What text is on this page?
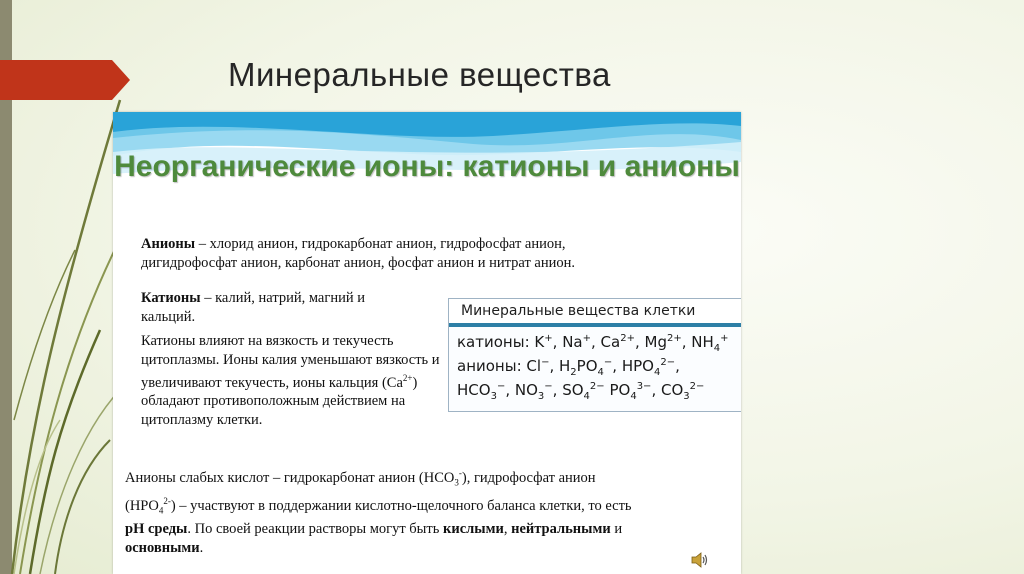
Минеральные вещества
Неорганические ионы: катионы и анионы
Анионы – хлорид анион, гидрокарбонат анион, гидрофосфат анион, дигидрофосфат анион, карбонат анион, фосфат анион и нитрат анион.
Катионы – калий, натрий, магний и кальций.
Катионы влияют на вязкость и текучесть цитоплазмы. Ионы калия уменьшают вязкость и увеличивают текучесть, ионы кальция $(Ca^{2+})$ обладают противоположным действием на цитоплазму клетки.
Анионы слабых кислот – гидрокарбонат анион $(HCO_3^-)$, гидрофосфат анион $(HPO_4^{2-})$ – участвуют в поддержании кислотно-щелочного баланса клетки, то есть pH среды. По своей реакции растворы могут быть кислыми, нейтральными и основными.
Минеральные вещества клетки
катионы: K+, Na+, $Ca^{2+}$, $Mg^{2+}$, $NH_4^+$
анионы: Cl−, $H_2PO_4^-$, $HPO_4^{2-}$,
$HCO_3^-$, $NO_3^-$, $SO_4^{2-}$ $PO_4^{3-}$, $CO_3^{2-}$
